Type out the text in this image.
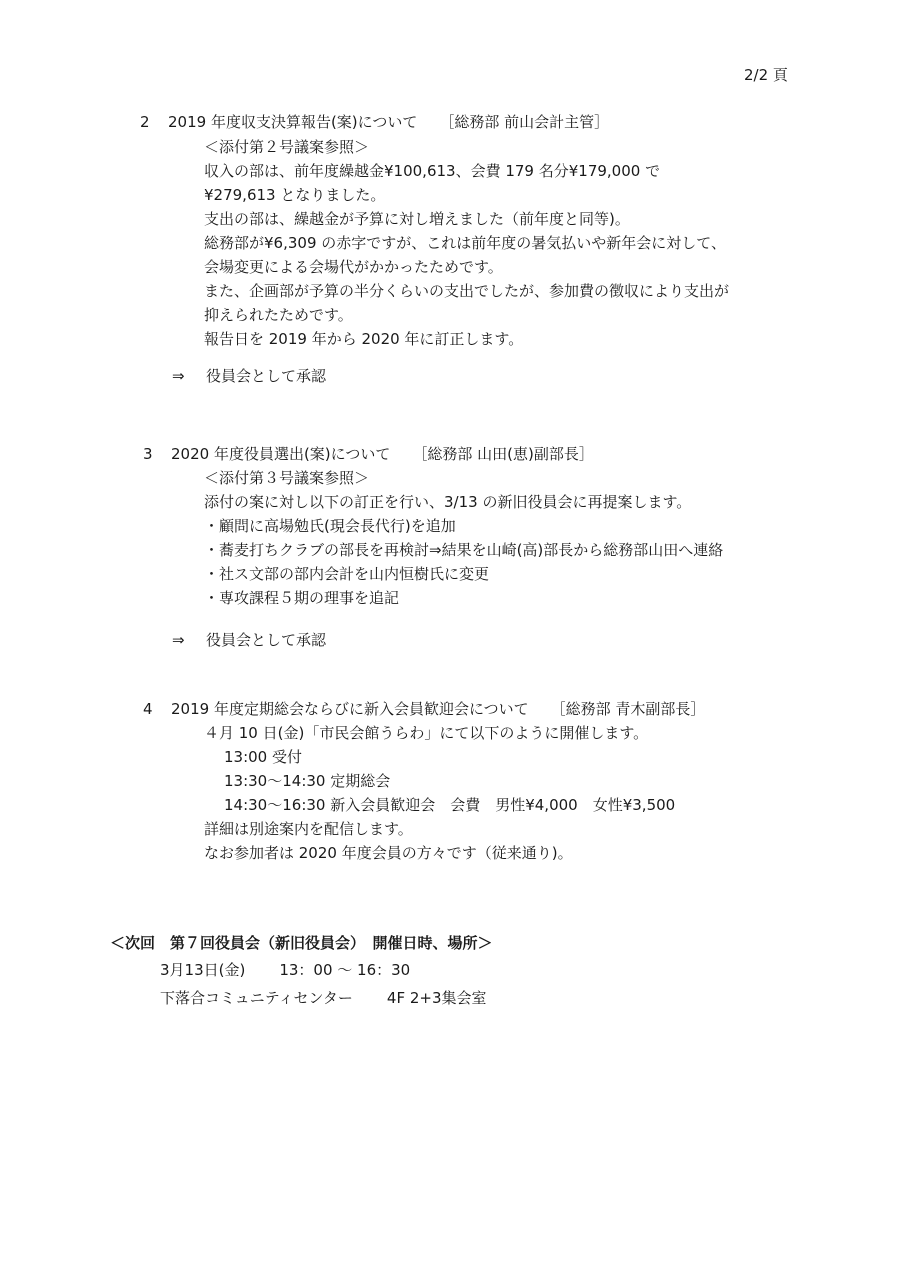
2/2 頁
2 2019 年度収支決算報告(案)について ［総務部 前山会計主管］
＜添付第２号議案参照＞
収入の部は、前年度繰越金¥100,613、会費 179 名分¥179,000 で
¥279,613 となりました。
支出の部は、繰越金が予算に対し増えました（前年度と同等)。
総務部が¥6,309 の赤字ですが、これは前年度の暑気払いや新年会に対して、
会場変更による会場代がかかったためです。
また、企画部が予算の半分くらいの支出でしたが、参加費の徴収により支出が
抑えられたためです。
報告日を 2019 年から 2020 年に訂正します。
⇒ 役員会として承認
3 2020 年度役員選出(案)について ［総務部 山田(恵)副部長］
＜添付第３号議案参照＞
添付の案に対し以下の訂正を行い、3/13 の新旧役員会に再提案します。
・顧問に高場勉氏(現会長代行)を追加
・蕎麦打ちクラブの部長を再検討⇒結果を山崎(高)部長から総務部山田へ連絡
・社ス文部の部内会計を山内恒樹氏に変更
・専攻課程５期の理事を追記
⇒ 役員会として承認
4 2019 年度定期総会ならびに新入会員歓迎会について ［総務部 青木副部長］
４月 10 日(金)「市民会館うらわ」にて以下のように開催します。
13:00 受付
13:30～14:30 定期総会
14:30～16:30 新入会員歓迎会　会費　男性¥4,000　女性¥3,500
詳細は別途案内を配信します。
なお参加者は 2020 年度会員の方々です（従来通り)。
＜次回　第７回役員会（新旧役員会）　開催日時、場所＞
3月13日(金) 13：00 ～ 16：30
下落合コミュニティセンター 4F 2+3集会室
